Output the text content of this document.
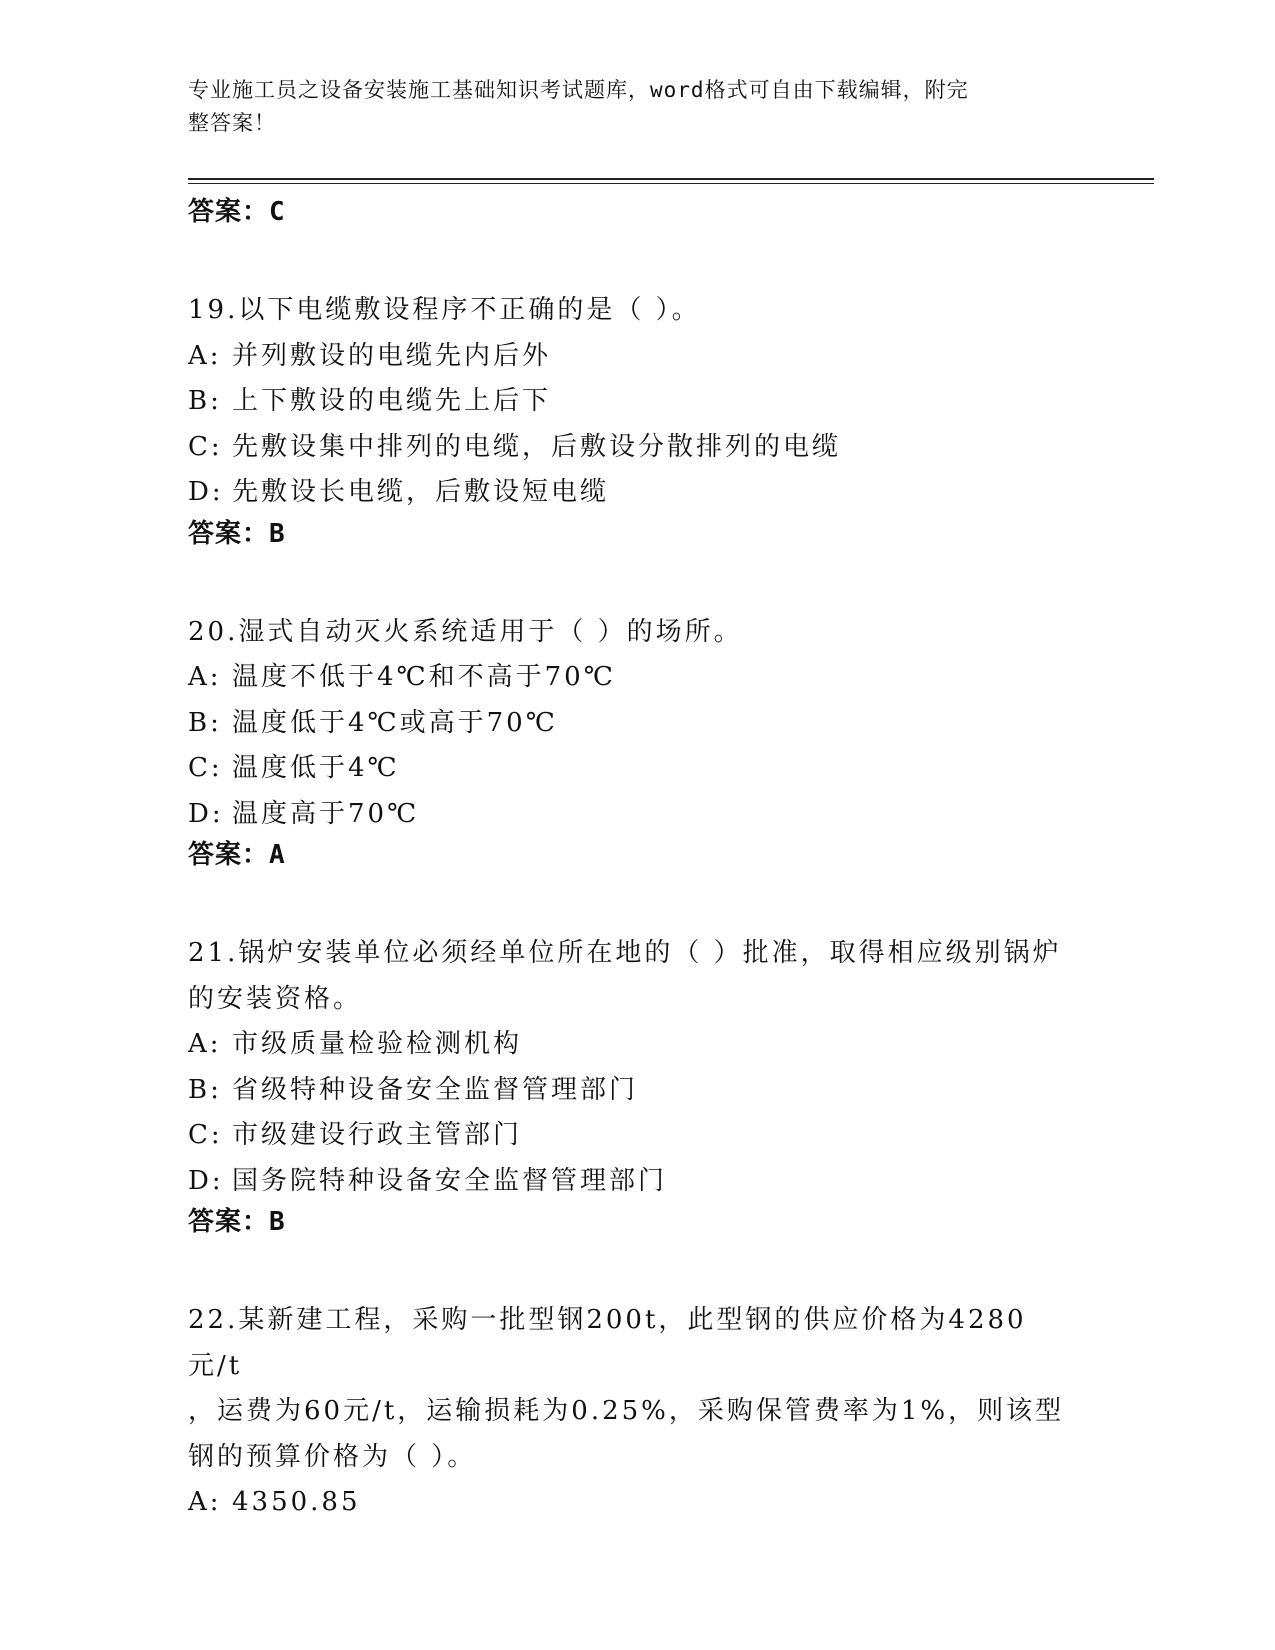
专业施工员之设备安装施工基础知识考试题库，word格式可自由下载编辑，附完
整答案！
答案：C
19.以下电缆敷设程序不正确的是（ ）。
A: 并列敷设的电缆先内后外
B: 上下敷设的电缆先上后下
C: 先敷设集中排列的电缆，后敷设分散排列的电缆
D: 先敷设长电缆，后敷设短电缆
答案：B
20.湿式自动灭火系统适用于（ ）的场所。
A: 温度不低于4℃和不高于70℃
B: 温度低于4℃或高于70℃
C: 温度低于4℃
D: 温度高于70℃
答案：A
21.锅炉安装单位必须经单位所在地的（ ）批准，取得相应级别锅炉
的安装资格。
A: 市级质量检验检测机构
B: 省级特种设备安全监督管理部门
C: 市级建设行政主管部门
D: 国务院特种设备安全监督管理部门
答案：B
22.某新建工程，采购一批型钢200t，此型钢的供应价格为4280元/t
，运费为60元/t，运输损耗为0.25%，采购保管费率为1%，则该型
钢的预算价格为（ ）。
A: 4350.85
